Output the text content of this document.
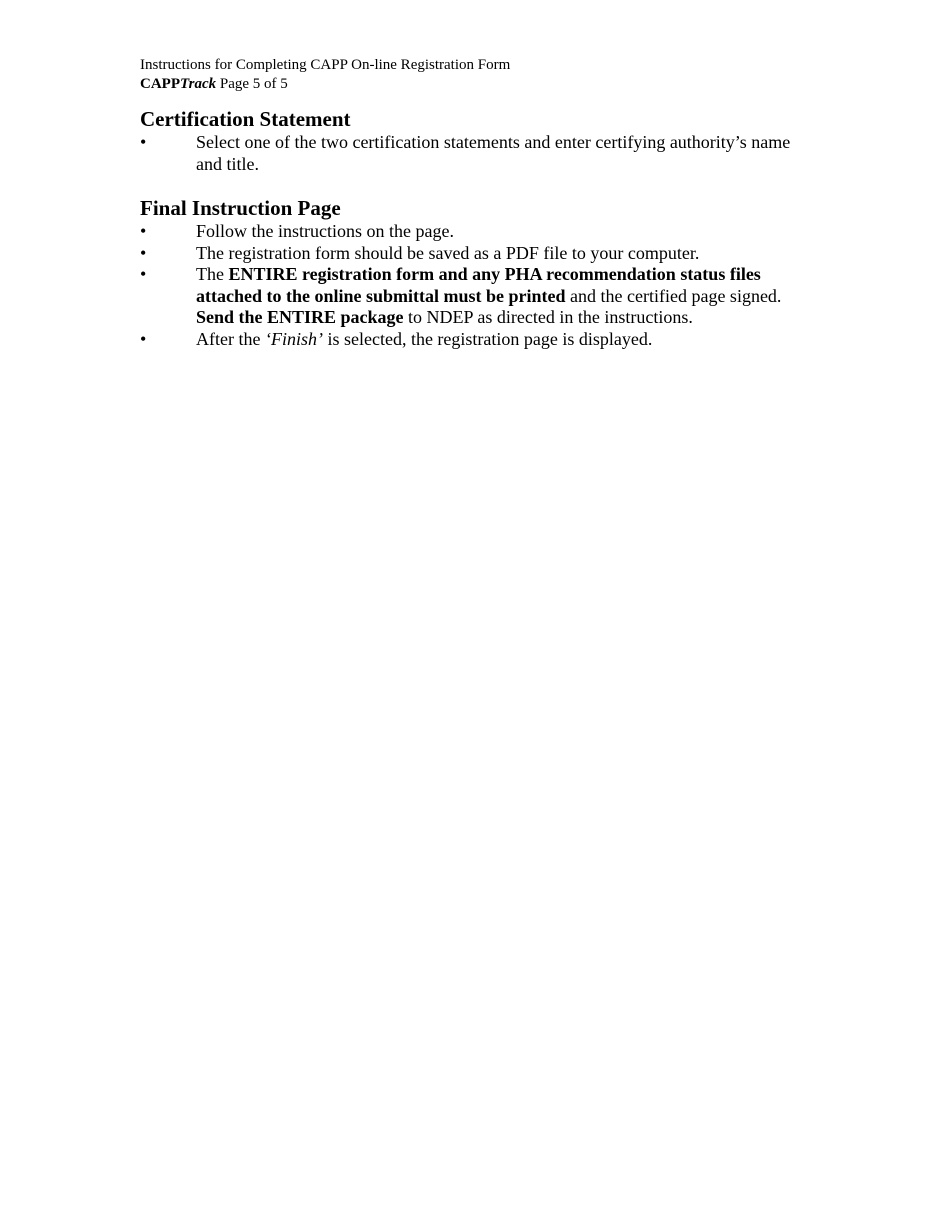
Instructions for Completing CAPP On-line Registration Form

CAPPTrack Page 5 of 5

Certification Statement
•	Select one of the two certification statements and enter certifying authority’s name and title.
Final Instruction Page
•	Follow the instructions on the page.
•	The registration form should be saved as a PDF file to your computer.
•	The ENTIRE registration form and any PHA recommendation status files attached to the online submittal must be printed and the certified page signed. Send the ENTIRE package to NDEP as directed in the instructions.
•	After the ‘Finish’ is selected, the registration page is displayed.
